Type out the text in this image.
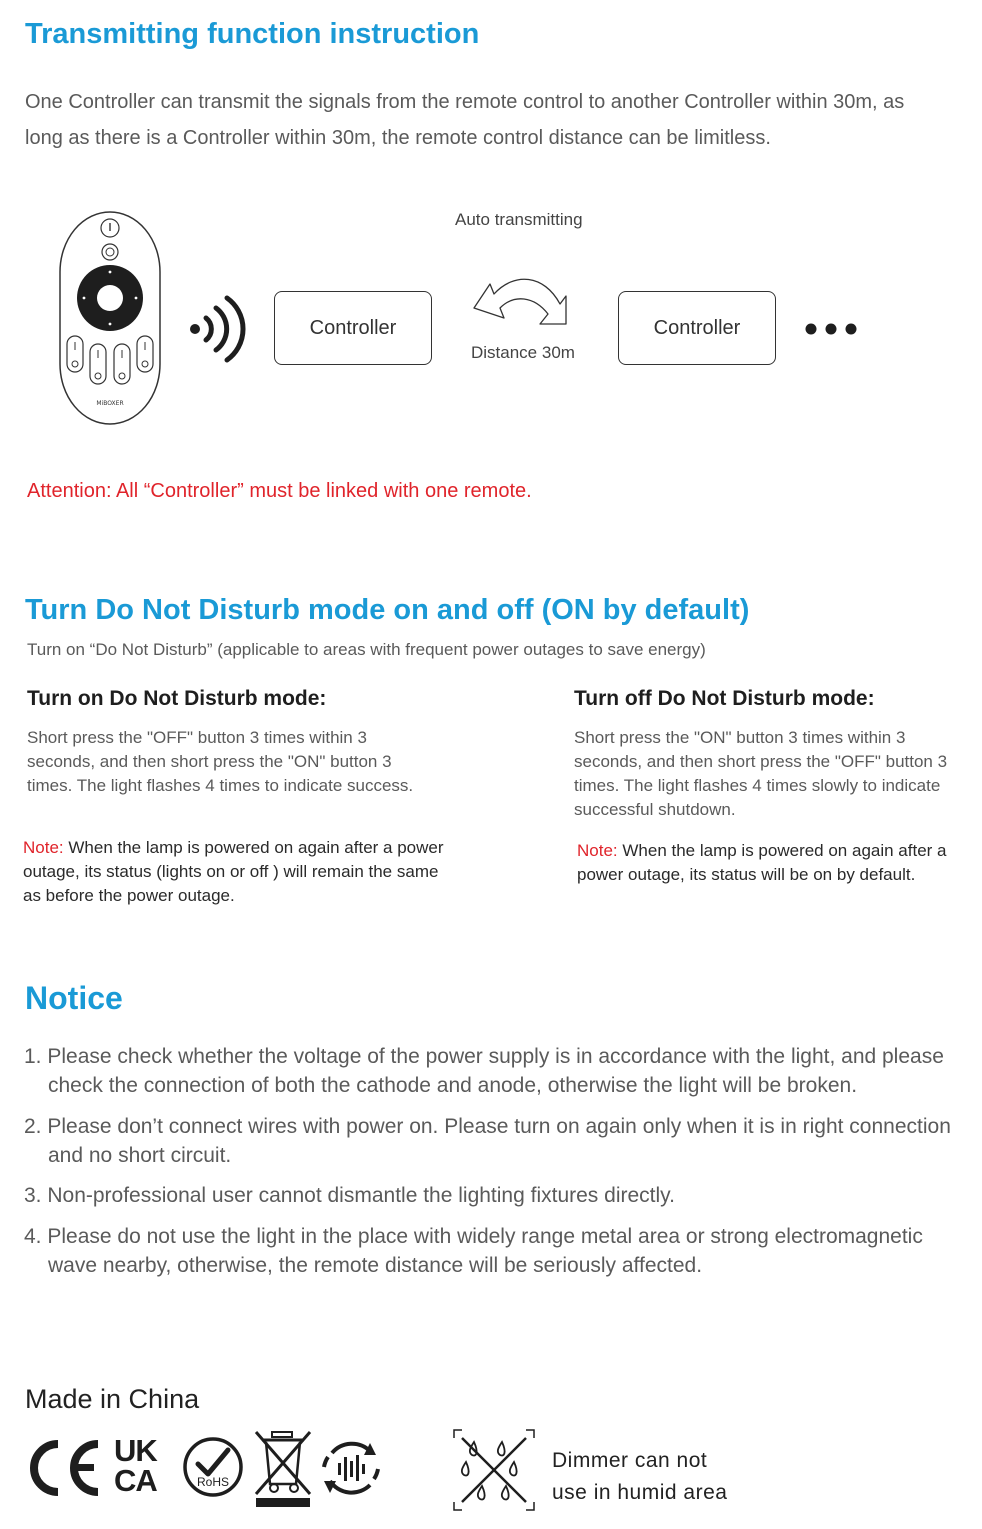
Transmitting function instruction
One Controller can transmit the signals from the remote control to another Controller within 30m, as long as there is a Controller within 30m, the remote control distance can be limitless.
MiBOXER
Controller
Auto transmitting
Distance 30m
Controller
Attention: All “Controller” must be linked with one remote.
Turn Do Not Disturb mode on and off (ON by default)
Turn on “Do Not Disturb” (applicable to areas with frequent power outages to save energy)
Turn on Do Not Disturb mode:
Short press the "OFF" button 3 times within 3 seconds, and then short press the "ON" button 3 times. The light flashes 4 times to indicate success.
Note: When the lamp is powered on again after a power outage, its status (lights on or off ) will remain the same as before the power outage.
Turn off Do Not Disturb mode:
Short press the "ON" button 3 times within 3 seconds, and then short press the "OFF" button 3 times. The light flashes 4 times slowly to indicate successful shutdown.
Note: When the lamp is powered on again after a power outage, its status will be on by default.
Notice
1. Please check whether the voltage of the power supply is in accordance with the light, and please check the connection of both the cathode and anode, otherwise the light will be broken.
2. Please don’t connect wires with power on. Please turn on again only when it is in right connection and no short circuit.
3. Non-professional user cannot dismantle the lighting fixtures directly.
4. Please do not use the light in the place with widely range metal area or strong electromagnetic wave nearby, otherwise, the remote distance will be seriously affected.
Made in China
UK
CA	RoHS
Dimmer can not
use in humid area
